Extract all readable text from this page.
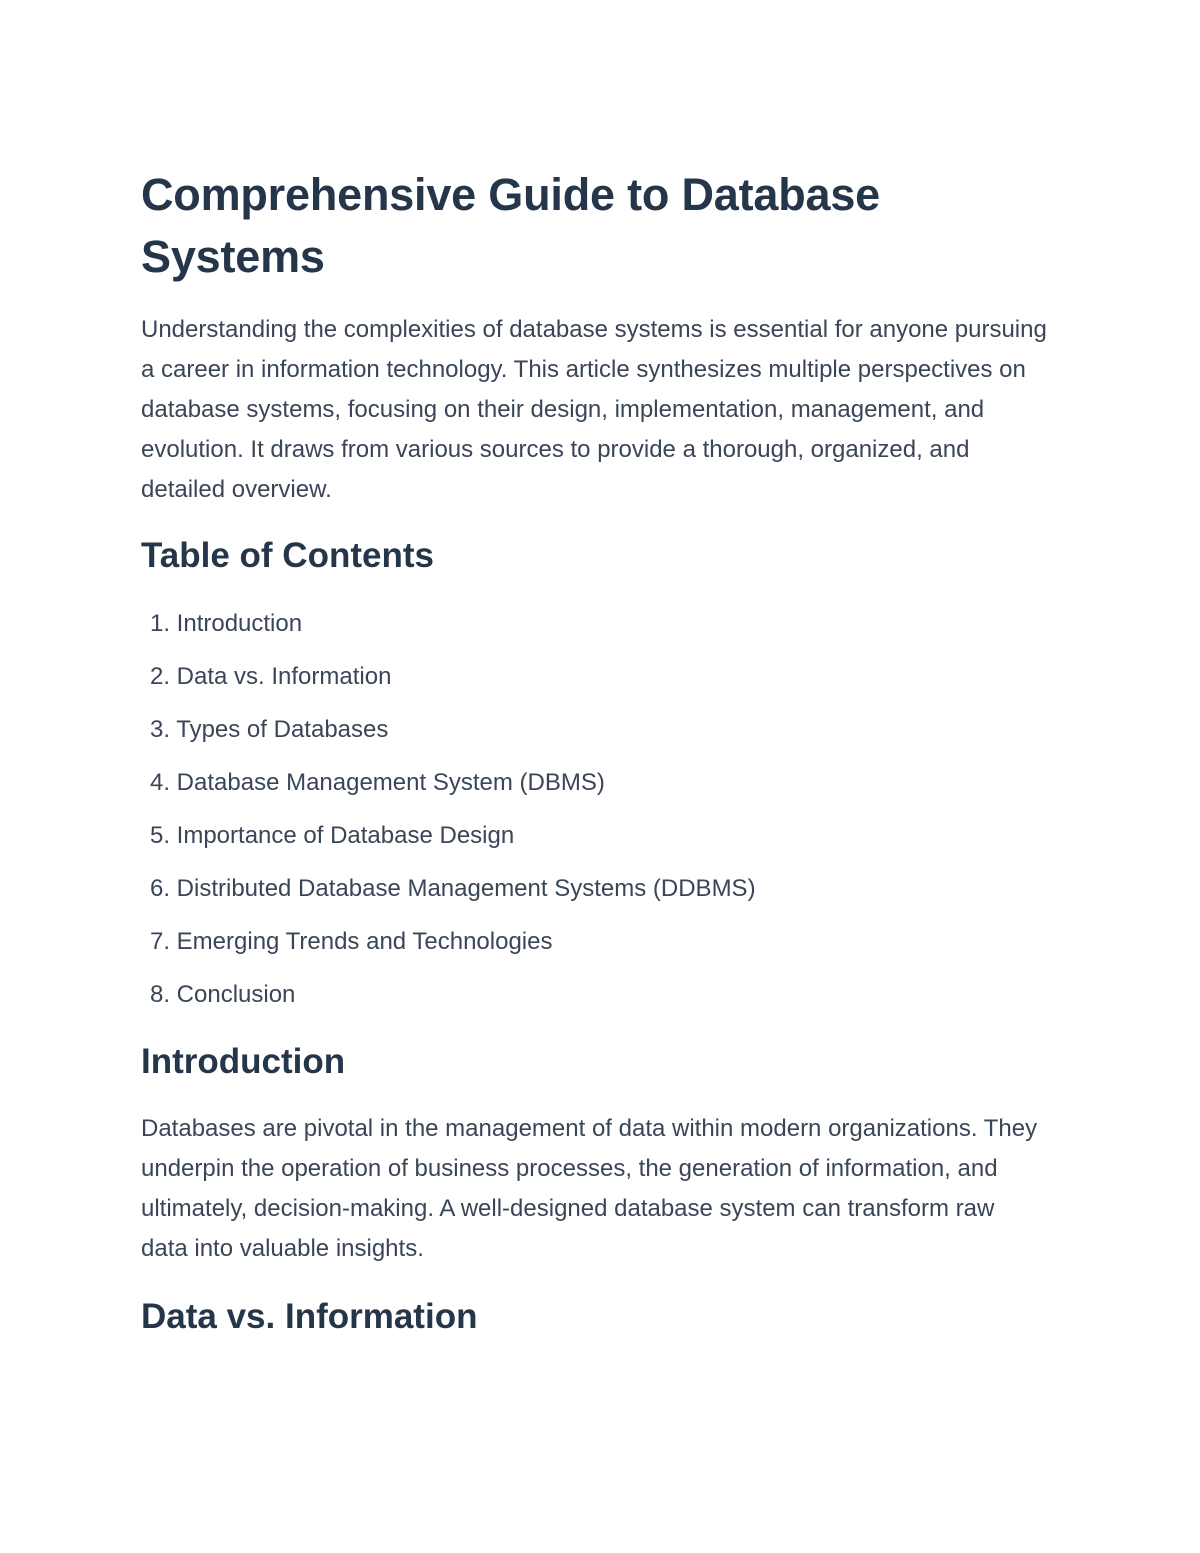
Comprehensive Guide to Database Systems

Understanding the complexities of database systems is essential for anyone pursuing a career in information technology. This article synthesizes multiple perspectives on database systems, focusing on their design, implementation, management, and evolution. It draws from various sources to provide a thorough, organized, and detailed overview.

Table of Contents
1. Introduction
2. Data vs. Information
3. Types of Databases
4. Database Management System (DBMS)
5. Importance of Database Design
6. Distributed Database Management Systems (DDBMS)
7. Emerging Trends and Technologies
8. Conclusion
Introduction

Databases are pivotal in the management of data within modern organizations. They underpin the operation of business processes, the generation of information, and ultimately, decision-making. A well-designed database system can transform raw data into valuable insights.

Data vs. Information
